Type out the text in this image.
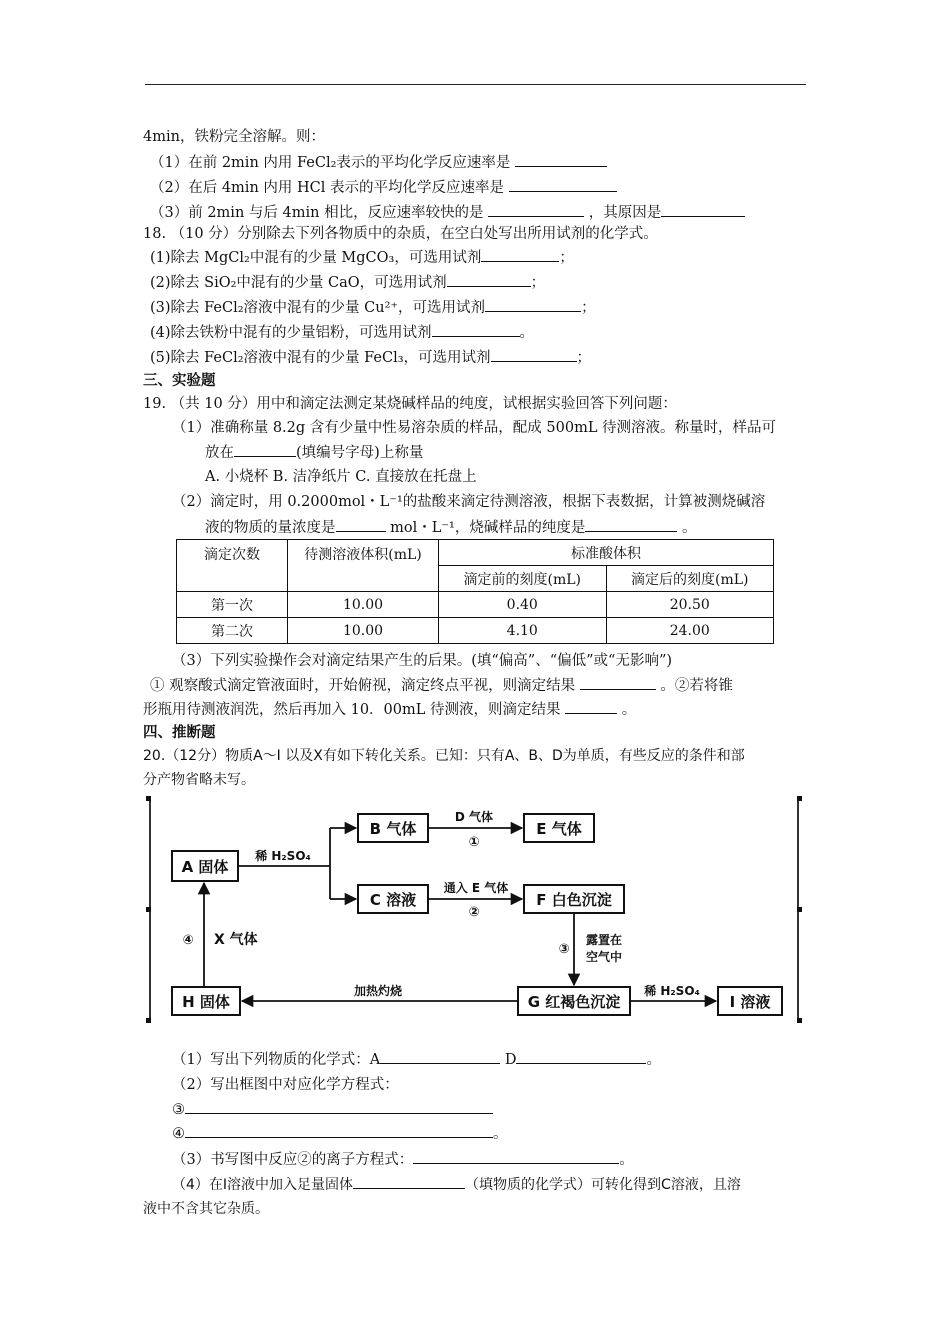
4min，铁粉完全溶解。则：
（1）在前 2min 内用 FeCl₂表示的平均化学反应速率是
（2）在后 4min 内用 HCl 表示的平均化学反应速率是
（3）前 2min 与后 4min 相比，反应速率较快的是	，其原因是
18. （10 分）分别除去下列各物质中的杂质，在空白处写出所用试剂的化学式。
(1)除去 MgCl₂中混有的少量 MgCO₃，可选用试剂	；
(2)除去 SiO₂中混有的少量 CaO，可选用试剂	；
(3)除去 FeCl₂溶液中混有的少量 Cu²⁺，可选用试剂	；
(4)除去铁粉中混有的少量铝粉，可选用试剂	。
(5)除去 FeCl₂溶液中混有的少量 FeCl₃，可选用试剂	；
三、实验题
19. （共 10 分）用中和滴定法测定某烧碱样品的纯度，试根据实验回答下列问题：
（1）准确称量 8.2g 含有少量中性易溶杂质的样品，配成 500mL 待测溶液。称量时，样品可
放在	(填编号字母)上称量
A. 小烧杯 B. 洁净纸片 C. 直接放在托盘上
（2）滴定时，用 0.2000mol・L⁻¹的盐酸来滴定待测溶液，根据下表数据，计算被测烧碱溶
液的物质的量浓度是	mol・L⁻¹，烧碱样品的纯度是	。
滴定次数	待测溶液体积(mL)	标准酸体积	
		滴定前的刻度(mL)	滴定后的刻度(mL)
第一次	10.00	0.40	20.50
第二次	10.00	4.10	24.00
（3）下列实验操作会对滴定结果产生的后果。(填“偏高”、“偏低”或“无影响”)
① 观察酸式滴定管液面时，开始俯视，滴定终点平视，则滴定结果	。②若将锥
形瓶用待测液润洗，然后再加入 10．00mL 待测液，则滴定结果	。
四、推断题
20.（12分）物质A～I 以及X有如下转化关系。已知：只有A、B、D为单质，有些反应的条件和部
分产物省略未写。
A 固体
B 气体	E 气体
C 溶液	F 白色沉淀
G 红褐色沉淀
H 固体	I 溶液
稀 H₂SO₄
D 气体
①
通入 E 气体
②
③
露置在
空气中
稀 H₂SO₄
加热灼烧
④ X 气体
（1）写出下列物质的化学式：A	D	。
（2）写出框图中对应化学方程式：
③
④	。
（3）书写图中反应②的离子方程式：	。
（4）在I溶液中加入足量固体	（填物质的化学式）可转化得到C溶液，且溶
液中不含其它杂质。
